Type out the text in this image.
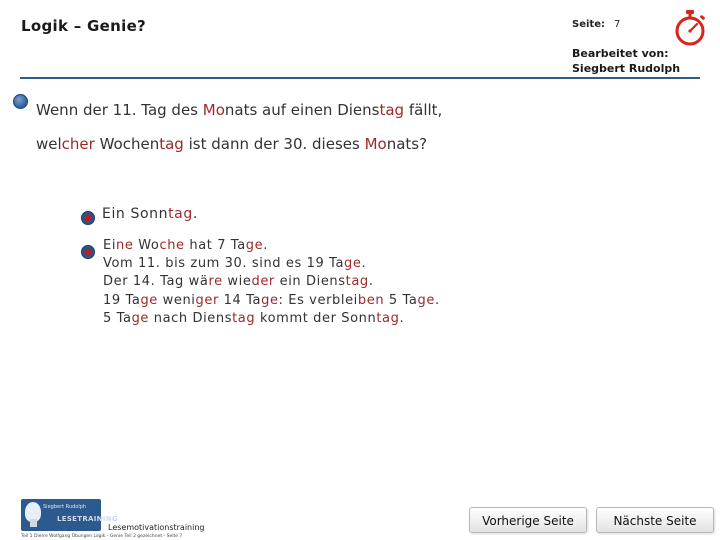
Logik – Genie?	Seite: 7
Bearbeitet von:
Siegbert Rudolph
Wenn der 11. Tag des Monats auf einen Dienstag fällt,
welcher Wochentag ist dann der 30. dieses Monats?
Ein Sonntag.
Eine Woche hat 7 Tage.
Vom 11. bis zum 30. sind es 19 Tage.
Der 14. Tag wäre wieder ein Dienstag.
19 Tage weniger 14 Tage: Es verbleiben 5 Tage.
5 Tage nach Dienstag kommt der Sonntag.
Siegbert Rudolph
LESETRAINING
Lesemotivationstraining
Teil 1 Dierre Wolfgang Übungen Logik - Genie Teil 2 gezeichnet - Seite 7
Vorherige Seite	Nächste Seite
